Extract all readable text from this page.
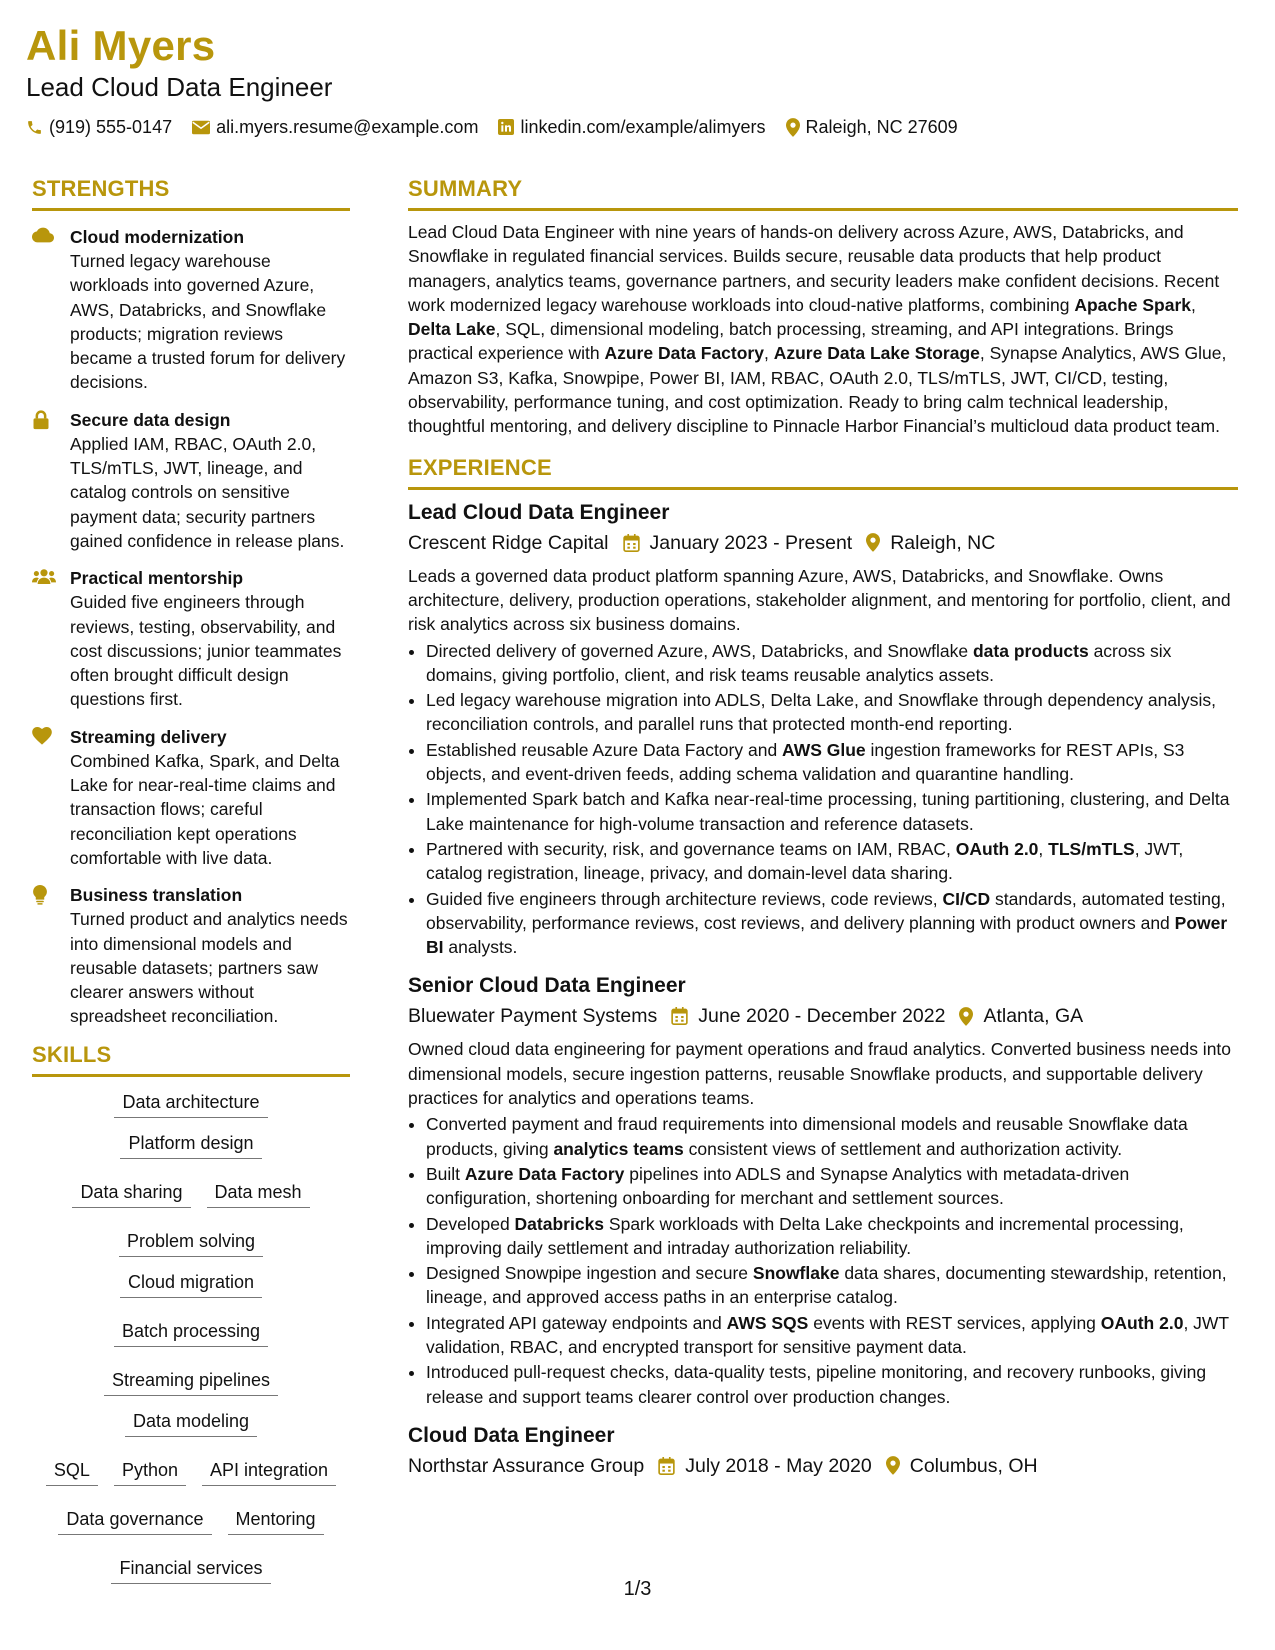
Ali Myers
Lead Cloud Data Engineer
(919) 555-0147 ali.myers.resume@example.com linkedin.com/example/alimyers Raleigh, NC 27609
STRENGTHS
Cloud modernization
Turned legacy warehouse workloads into governed Azure, AWS, Databricks, and Snowflake products; migration reviews became a trusted forum for delivery decisions.
Secure data design
Applied IAM, RBAC, OAuth 2.0, TLS/mTLS, JWT, lineage, and catalog controls on sensitive payment data; security partners gained confidence in release plans.
Practical mentorship
Guided five engineers through reviews, testing, observability, and cost discussions; junior teammates often brought difficult design questions first.
Streaming delivery
Combined Kafka, Spark, and Delta Lake for near-real-time claims and transaction flows; careful reconciliation kept operations comfortable with live data.
Business translation
Turned product and analytics needs into dimensional models and reusable datasets; partners saw clearer answers without spreadsheet reconciliation.
SKILLS
Data architecture
Platform design
Data sharing	Data mesh
Problem solving
Cloud migration
Batch processing
Streaming pipelines
Data modeling
SQL	Python	API integration
Data governance	Mentoring
Financial services
SUMMARY
Lead Cloud Data Engineer with nine years of hands-on delivery across Azure, AWS, Databricks, and Snowflake in regulated financial services. Builds secure, reusable data products that help product managers, analytics teams, governance partners, and security leaders make confident decisions. Recent work modernized legacy warehouse workloads into cloud-native platforms, combining Apache Spark, Delta Lake, SQL, dimensional modeling, batch processing, streaming, and API integrations. Brings practical experience with Azure Data Factory, Azure Data Lake Storage, Synapse Analytics, AWS Glue, Amazon S3, Kafka, Snowpipe, Power BI, IAM, RBAC, OAuth 2.0, TLS/mTLS, JWT, CI/CD, testing, observability, performance tuning, and cost optimization. Ready to bring calm technical leadership, thoughtful mentoring, and delivery discipline to Pinnacle Harbor Financial’s multicloud data product team.
EXPERIENCE
Lead Cloud Data Engineer
Crescent Ridge Capital January 2023 - Present Raleigh, NC
Leads a governed data product platform spanning Azure, AWS, Databricks, and Snowflake. Owns architecture, delivery, production operations, stakeholder alignment, and mentoring for portfolio, client, and risk analytics across six business domains.
• Directed delivery of governed Azure, AWS, Databricks, and Snowflake data products across six domains, giving portfolio, client, and risk teams reusable analytics assets.
• Led legacy warehouse migration into ADLS, Delta Lake, and Snowflake through dependency analysis, reconciliation controls, and parallel runs that protected month-end reporting.
• Established reusable Azure Data Factory and AWS Glue ingestion frameworks for REST APIs, S3 objects, and event-driven feeds, adding schema validation and quarantine handling.
• Implemented Spark batch and Kafka near-real-time processing, tuning partitioning, clustering, and Delta Lake maintenance for high-volume transaction and reference datasets.
• Partnered with security, risk, and governance teams on IAM, RBAC, OAuth 2.0, TLS/mTLS, JWT, catalog registration, lineage, privacy, and domain-level data sharing.
• Guided five engineers through architecture reviews, code reviews, CI/CD standards, automated testing, observability, performance reviews, cost reviews, and delivery planning with product owners and Power BI analysts.
Senior Cloud Data Engineer
Bluewater Payment Systems June 2020 - December 2022 Atlanta, GA
Owned cloud data engineering for payment operations and fraud analytics. Converted business needs into dimensional models, secure ingestion patterns, reusable Snowflake products, and supportable delivery practices for analytics and operations teams.
• Converted payment and fraud requirements into dimensional models and reusable Snowflake data products, giving analytics teams consistent views of settlement and authorization activity.
• Built Azure Data Factory pipelines into ADLS and Synapse Analytics with metadata-driven configuration, shortening onboarding for merchant and settlement sources.
• Developed Databricks Spark workloads with Delta Lake checkpoints and incremental processing, improving daily settlement and intraday authorization reliability.
• Designed Snowpipe ingestion and secure Snowflake data shares, documenting stewardship, retention, lineage, and approved access paths in an enterprise catalog.
• Integrated API gateway endpoints and AWS SQS events with REST services, applying OAuth 2.0, JWT validation, RBAC, and encrypted transport for sensitive payment data.
• Introduced pull-request checks, data-quality tests, pipeline monitoring, and recovery runbooks, giving release and support teams clearer control over production changes.
Cloud Data Engineer
Northstar Assurance Group July 2018 - May 2020 Columbus, OH
1/3
